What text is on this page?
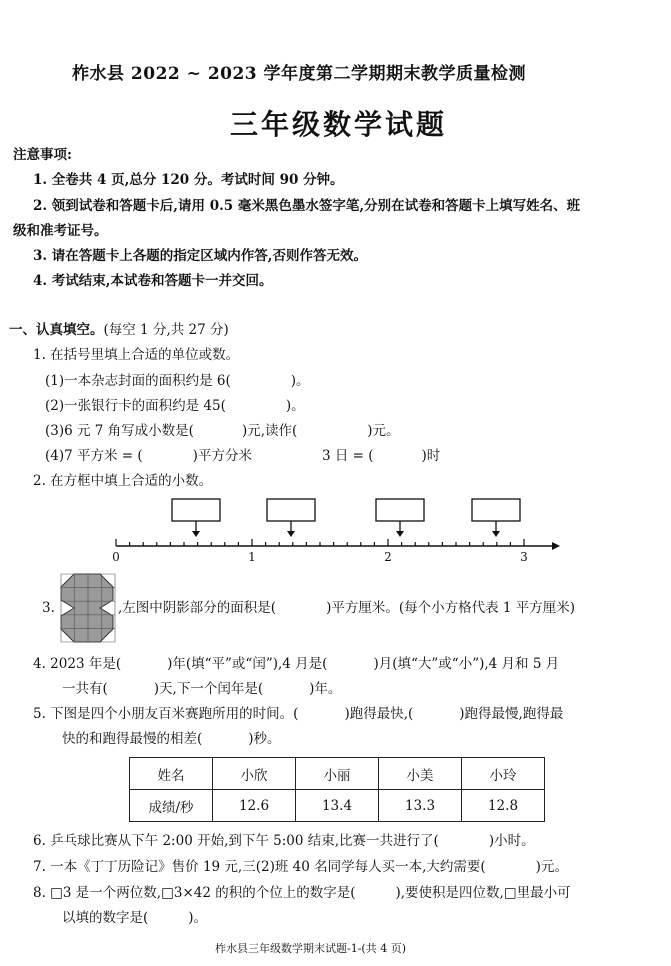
柞水县 2022 ~ 2023 学年度第二学期期末教学质量检测
三年级数学试题
注意事项:
1. 全卷共 4 页,总分 120 分。考试时间 90 分钟。
2. 领到试卷和答题卡后,请用 0.5 毫米黑色墨水签字笔,分别在试卷和答题卡上填写姓名、班
级和准考证号。
3. 请在答题卡上各题的指定区域内作答,否则作答无效。
4. 考试结束,本试卷和答题卡一并交回。
一、认真填空。(每空 1 分,共 27 分)
1. 在括号里填上合适的单位或数。
(1)一本杂志封面的面积约是 6(	)。
(2)一张银行卡的面积约是 45(	)。
(3)6 元 7 角写成小数是(	)元,读作(	)元。
(4)7 平方米 = (	)平方分米	3 日 = (	)时
2. 在方框中填上合适的小数。
0	1	2	3
3.	,左图中阴影部分的面积是(	)平方厘米。(每个小方格代表 1 平方厘米)
4. 2023 年是(	)年(填“平”或“闰”),4 月是(	)月(填“大”或“小”),4 月和 5 月
一共有(	)天,下一个闰年是(	)年。
5. 下图是四个小朋友百米赛跑所用的时间。(	)跑得最快,(	)跑得最慢,跑得最
快的和跑得最慢的相差(	)秒。
姓名	小欣	小丽	小美	小玲
成绩/秒	12.6	13.4	13.3	12.8
6. 乒乓球比赛从下午 2:00 开始,到下午 5:00 结束,比赛一共进行了(	)小时。
7. 一本《丁丁历险记》售价 19 元,三(2)班 40 名同学每人买一本,大约需要(	)元。
8. □3 是一个两位数,□3×42 的积的个位上的数字是(	),要使积是四位数,□里最小可
以填的数字是(	)。
柞水县三年级数学期末试题-1-(共 4 页)
